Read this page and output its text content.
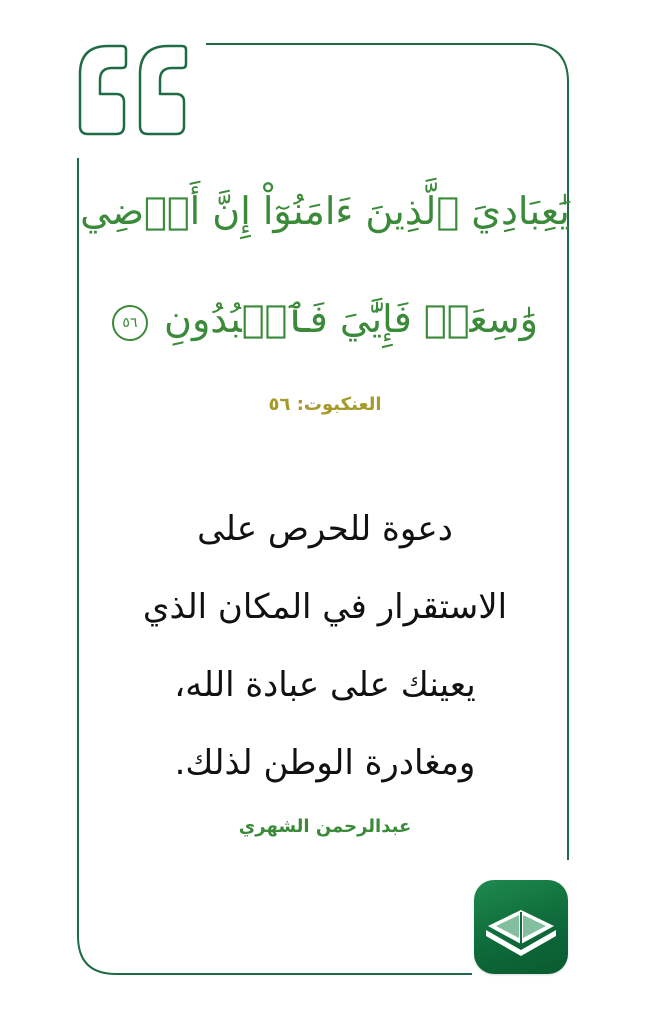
يَٰعِبَادِيَ ٱلَّذِينَ ءَامَنُوٓاْ إِنَّ أَرۡضِي
وَٰسِعَةٞ فَإِيَّٰيَ فَٱعۡبُدُونِ ٥٦
العنكبوت: ٥٦
دعوة للحرص على
الاستقرار في المكان الذي
يعينك على عبادة الله،
ومغادرة الوطن لذلك.
عبدالرحمن الشهري
